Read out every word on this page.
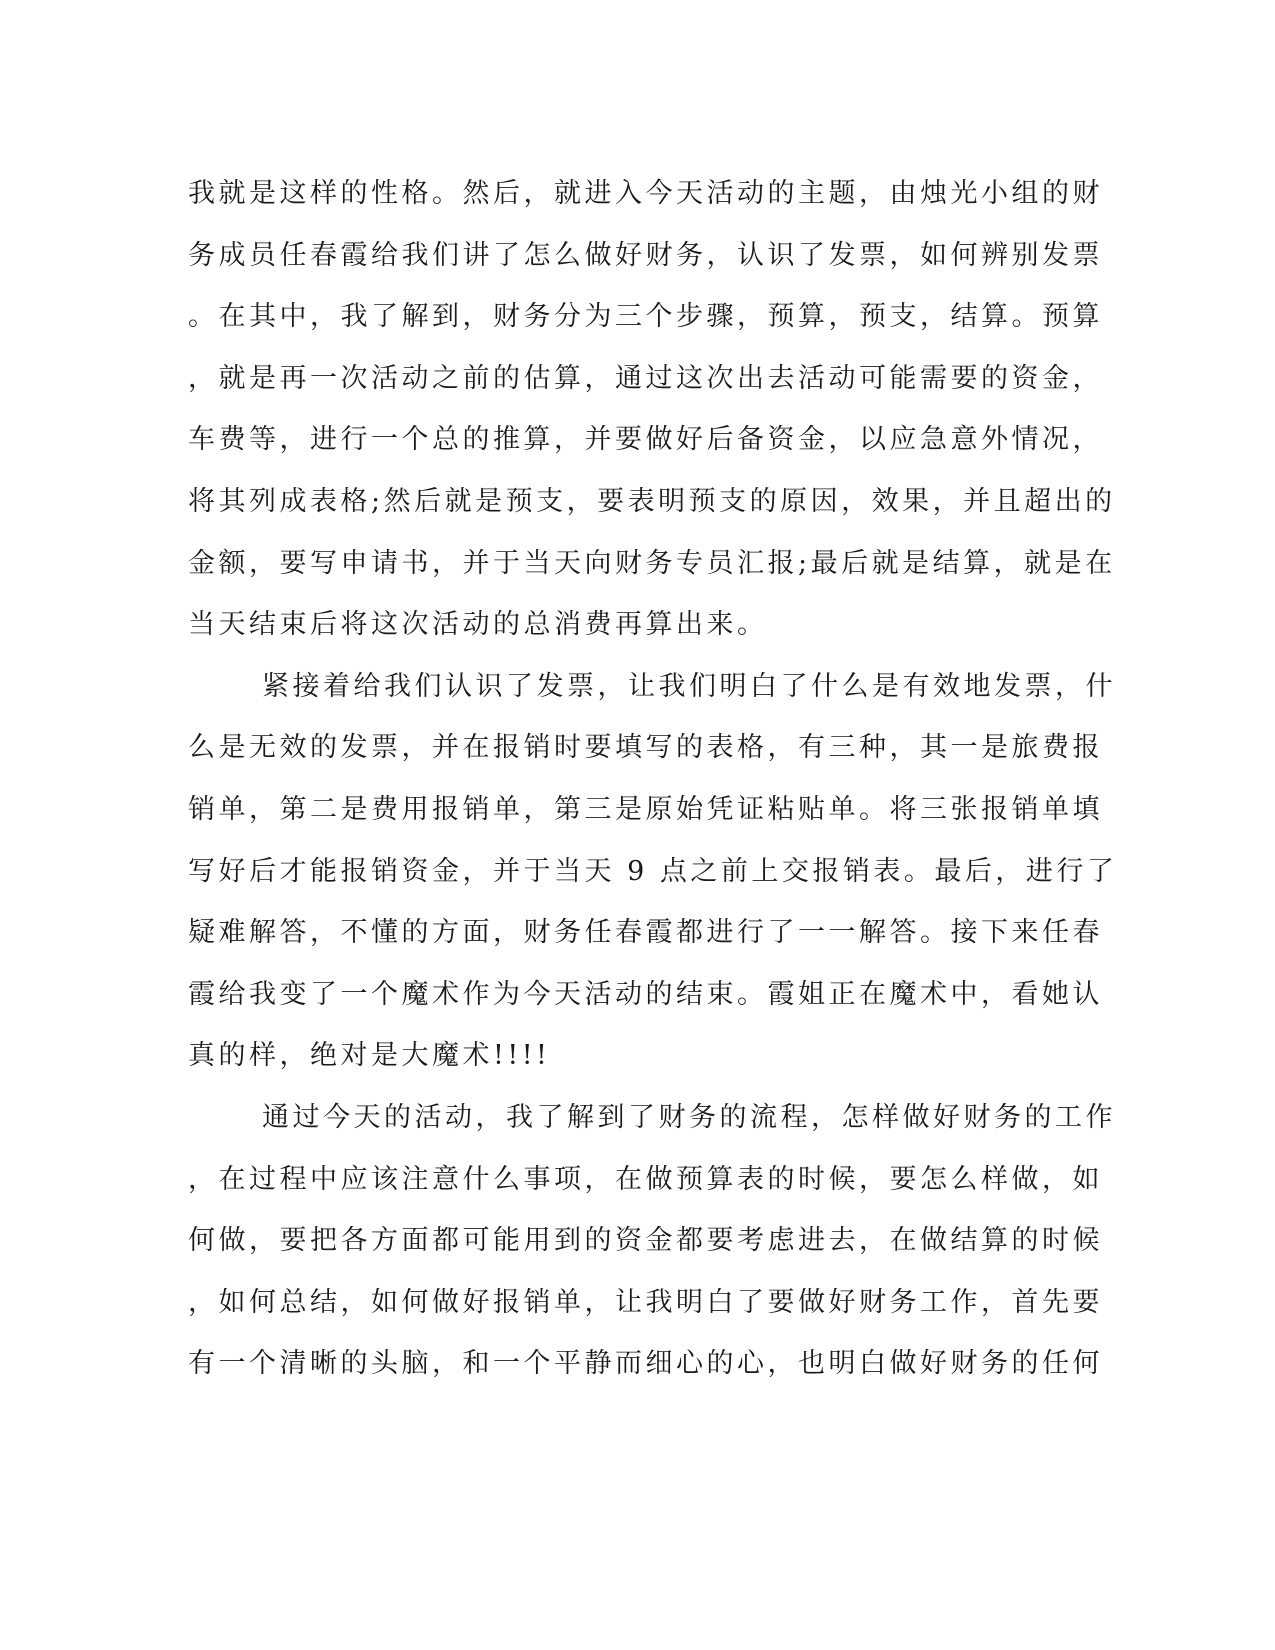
我就是这样的性格。然后，就进入今天活动的主题，由烛光小组的财
务成员任春霞给我们讲了怎么做好财务，认识了发票，如何辨别发票
。在其中，我了解到，财务分为三个步骤，预算，预支，结算。预算
，就是再一次活动之前的估算，通过这次出去活动可能需要的资金，
车费等，进行一个总的推算，并要做好后备资金，以应急意外情况，
将其列成表格;然后就是预支，要表明预支的原因，效果，并且超出的
金额，要写申请书，并于当天向财务专员汇报;最后就是结算，就是在
当天结束后将这次活动的总消费再算出来。
紧接着给我们认识了发票，让我们明白了什么是有效地发票，什
么是无效的发票，并在报销时要填写的表格，有三种，其一是旅费报
销单，第二是费用报销单，第三是原始凭证粘贴单。将三张报销单填
写好后才能报销资金，并于当天 9 点之前上交报销表。最后，进行了
疑难解答，不懂的方面，财务任春霞都进行了一一解答。接下来任春
霞给我变了一个魔术作为今天活动的结束。霞姐正在魔术中，看她认
真的样，绝对是大魔术!!!!
通过今天的活动，我了解到了财务的流程，怎样做好财务的工作
，在过程中应该注意什么事项，在做预算表的时候，要怎么样做，如
何做，要把各方面都可能用到的资金都要考虑进去，在做结算的时候
，如何总结，如何做好报销单，让我明白了要做好财务工作，首先要
有一个清晰的头脑，和一个平静而细心的心，也明白做好财务的任何
